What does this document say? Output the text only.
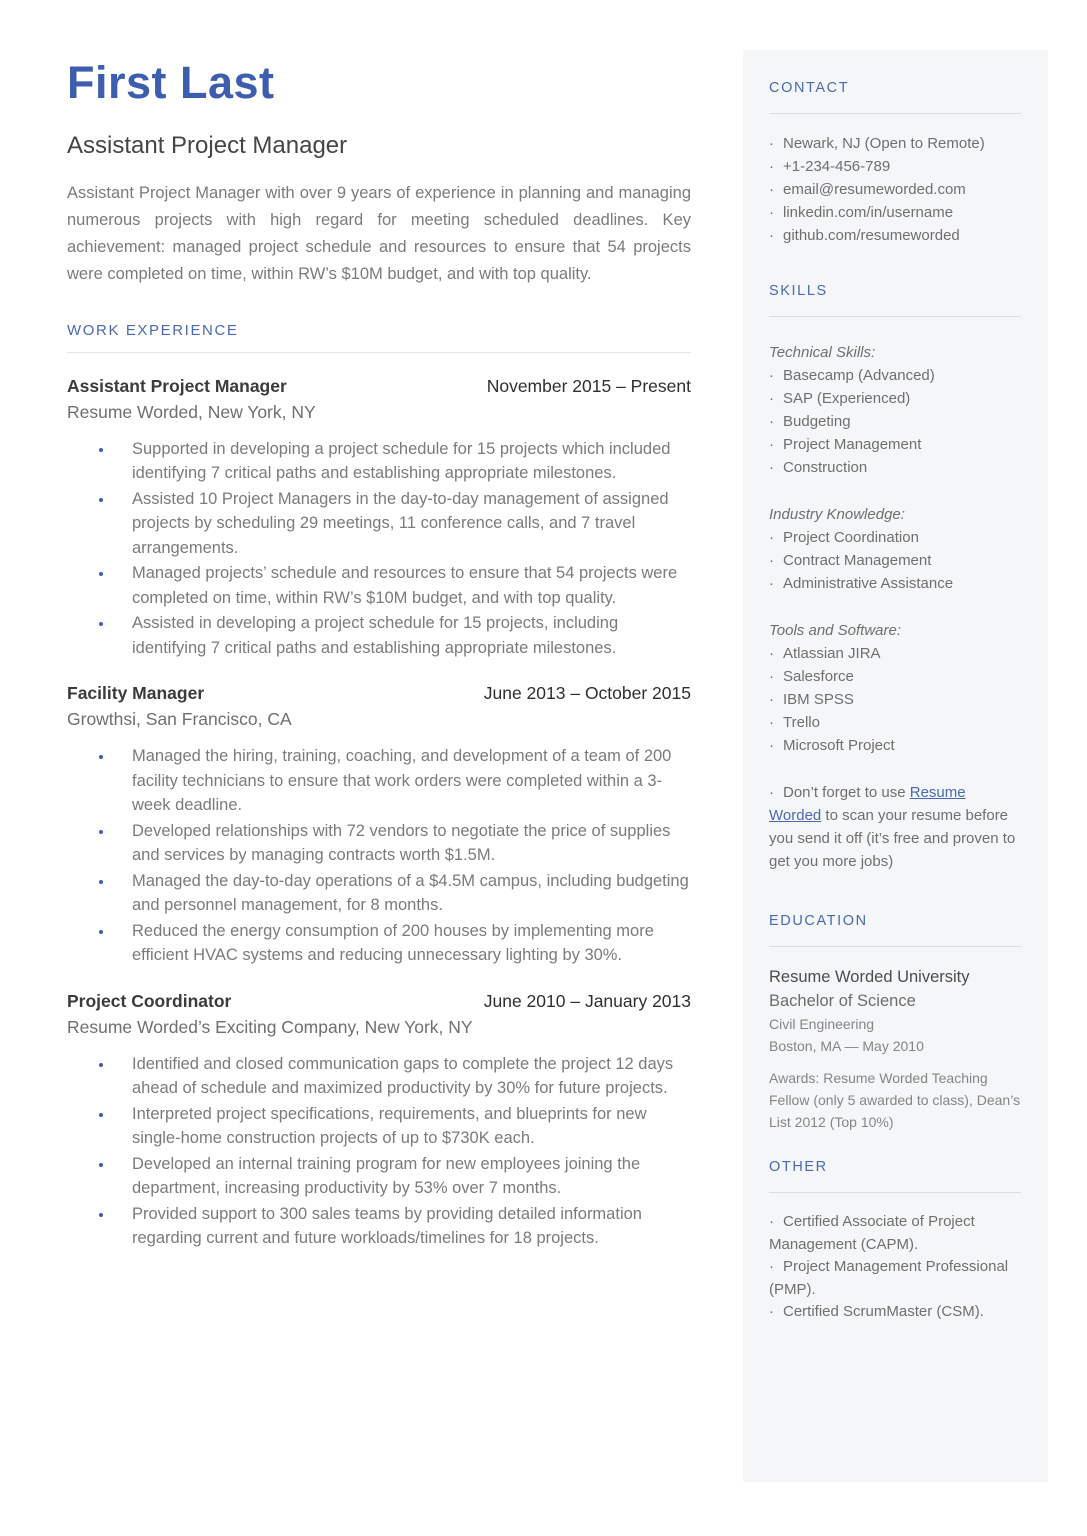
First Last
Assistant Project Manager

Assistant Project Manager with over 9 years of experience in planning and managing numerous projects with high regard for meeting scheduled deadlines. Key achievement: managed project schedule and resources to ensure that 54 projects were completed on time, within RW’s $10M budget, and with top quality.

WORK EXPERIENCE
Assistant Project Manager	November 2015 – Present
Resume Worded, New York, NY
• Supported in developing a project schedule for 15 projects which included identifying 7 critical paths and establishing appropriate milestones.
• Assisted 10 Project Managers in the day-to-day management of assigned projects by scheduling 29 meetings, 11 conference calls, and 7 travel arrangements.
• Managed projects’ schedule and resources to ensure that 54 projects were completed on time, within RW’s $10M budget, and with top quality.
• Assisted in developing a project schedule for 15 projects, including identifying 7 critical paths and establishing appropriate milestones.
Facility Manager	June 2013 – October 2015
Growthsi, San Francisco, CA
• Managed the hiring, training, coaching, and development of a team of 200 facility technicians to ensure that work orders were completed within a 3-week deadline.
• Developed relationships with 72 vendors to negotiate the price of supplies and services by managing contracts worth $1.5M.
• Managed the day-to-day operations of a $4.5M campus, including budgeting and personnel management, for 8 months.
• Reduced the energy consumption of 200 houses by implementing more efficient HVAC systems and reducing unnecessary lighting by 30%.
Project Coordinator	June 2010 – January 2013
Resume Worded’s Exciting Company, New York, NY
• Identified and closed communication gaps to complete the project 12 days ahead of schedule and maximized productivity by 30% for future projects.
• Interpreted project specifications, requirements, and blueprints for new single-home construction projects of up to $730K each.
• Developed an internal training program for new employees joining the department, increasing productivity by 53% over 7 months.
• Provided support to 300 sales teams by providing detailed information regarding current and future workloads/timelines for 18 projects.
CONTACT
· Newark, NJ (Open to Remote)
· +1-234-456-789
· email@resumeworded.com
· linkedin.com/in/username
· github.com/resumeworded
SKILLS
Technical Skills:
· Basecamp (Advanced)
· SAP (Experienced)
· Budgeting
· Project Management
· Construction
Industry Knowledge:
· Project Coordination
· Contract Management
· Administrative Assistance
Tools and Software:
· Atlassian JIRA
· Salesforce
· IBM SPSS
· Trello
· Microsoft Project
· Don’t forget to use Resume Worded to scan your resume before you send it off (it’s free and proven to get you more jobs)
EDUCATION
Resume Worded University
Bachelor of Science
Civil Engineering
Boston, MA — May 2010
Awards: Resume Worded Teaching Fellow (only 5 awarded to class), Dean’s List 2012 (Top 10%)
OTHER
· Certified Associate of Project Management (CAPM).
· Project Management Professional (PMP).
· Certified ScrumMaster (CSM).
